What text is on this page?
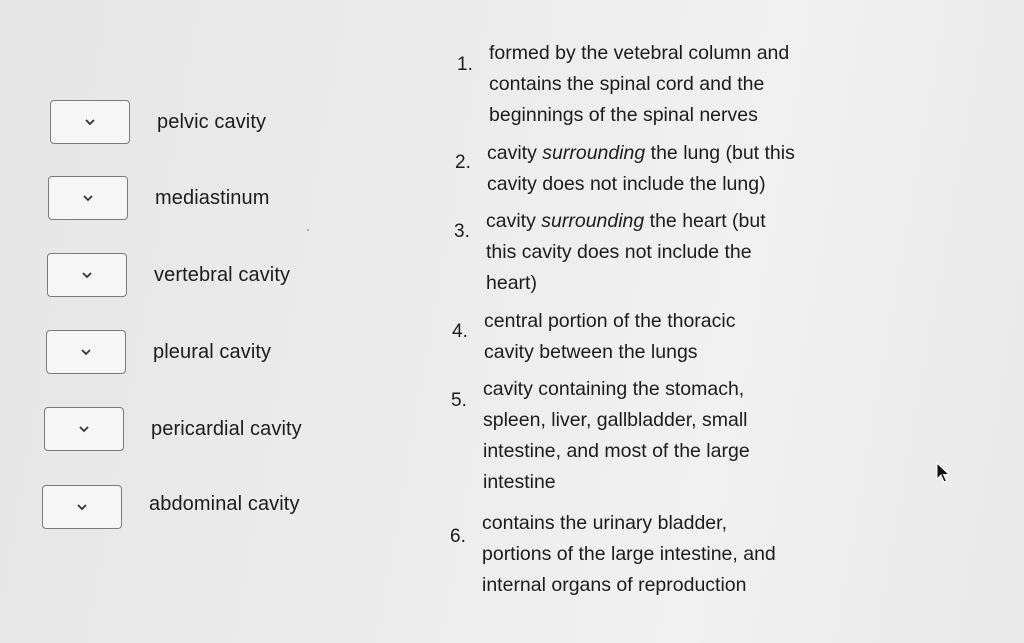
pelvic cavity
mediastinum
vertebral cavity
pleural cavity
pericardial cavity
abdominal cavity
1.
formed by the vetebral column and
contains the spinal cord and the
beginnings of the spinal nerves
2. cavity surrounding the lung (but this
cavity does not include the lung)
3. cavity surrounding the heart (but
this cavity does not include the
heart)
4. central portion of the thoracic
cavity between the lungs
5.
cavity containing the stomach,
spleen, liver, gallbladder, small
intestine, and most of the large
intestine
6.
contains the urinary bladder,
portions of the large intestine, and
internal organs of reproduction
